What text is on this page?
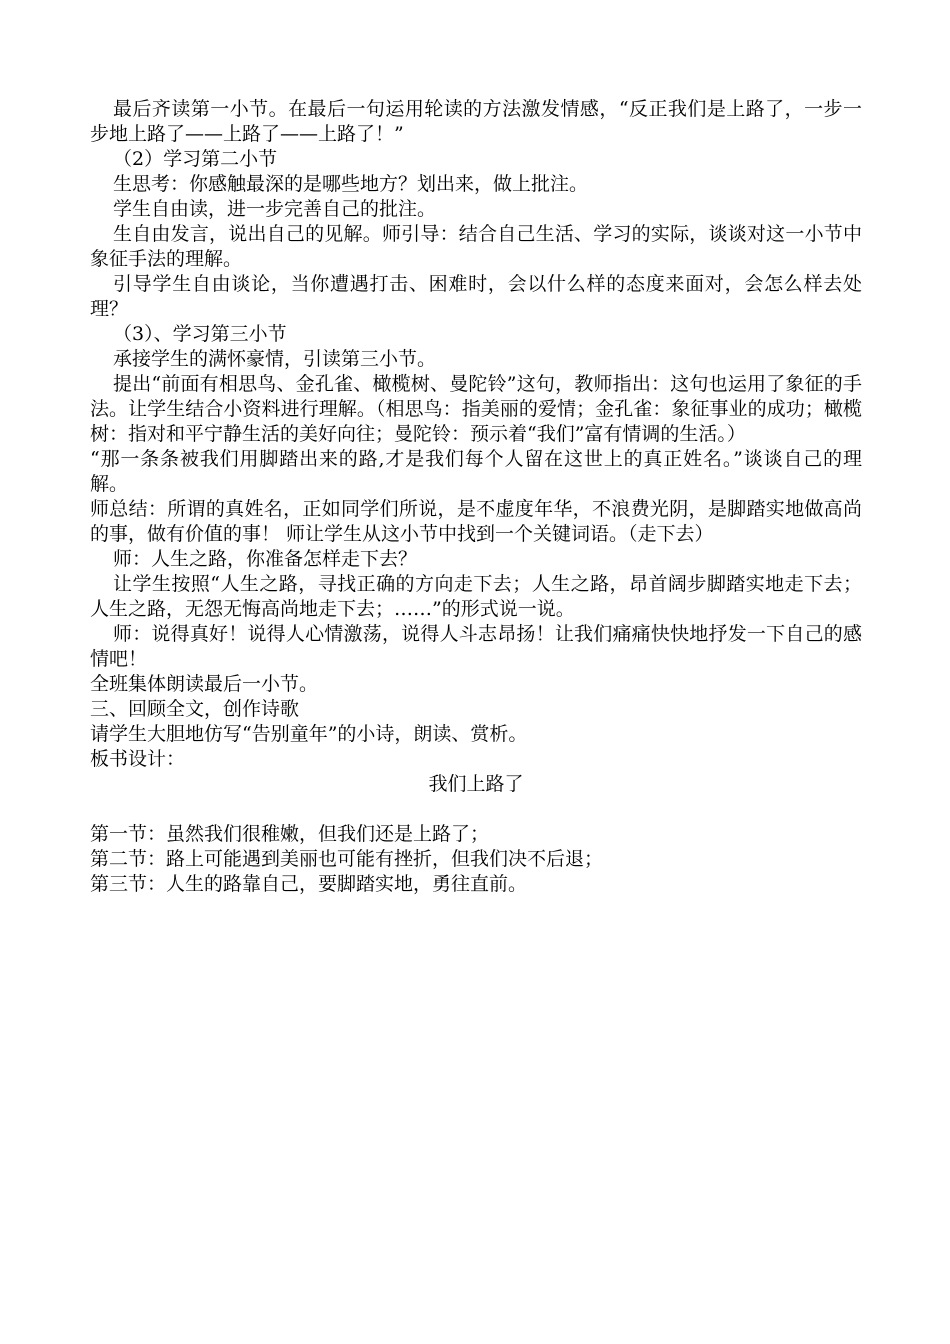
最后齐读第一小节。在最后一句运用轮读的方法激发情感，“反正我们是上路了，一步一步地上路了——上路了——上路了！”

（2）学习第二小节

生思考：你感触最深的是哪些地方？划出来，做上批注。

学生自由读，进一步完善自己的批注。

生自由发言，说出自己的见解。师引导：结合自己生活、学习的实际，谈谈对这一小节中象征手法的理解。

引导学生自由谈论，当你遭遇打击、困难时，会以什么样的态度来面对，会怎么样去处理？

（3）、学习第三小节

承接学生的满怀豪情，引读第三小节。

提出“前面有相思鸟、金孔雀、橄榄树、曼陀铃”这句，教师指出：这句也运用了象征的手法。让学生结合小资料进行理解。（相思鸟：指美丽的爱情；金孔雀：象征事业的成功；橄榄树：指对和平宁静生活的美好向往；曼陀铃：预示着“我们”富有情调的生活。）

“那一条条被我们用脚踏出来的路,才是我们每个人留在这世上的真正姓名。”谈谈自己的理解。

师总结：所谓的真姓名，正如同学们所说，是不虚度年华，不浪费光阴，是脚踏实地做高尚的事，做有价值的事！ 师让学生从这小节中找到一个关键词语。（走下去）

师：人生之路，你准备怎样走下去？

让学生按照“人生之路，寻找正确的方向走下去；人生之路，昂首阔步脚踏实地走下去；人生之路，无怨无悔高尚地走下去；……”的形式说一说。

师：说得真好！说得人心情激荡，说得人斗志昂扬！让我们痛痛快快地抒发一下自己的感情吧！

全班集体朗读最后一小节。

三、回顾全文，创作诗歌

请学生大胆地仿写“告别童年”的小诗，朗读、赏析。

板书设计：

我们上路了

第一节：虽然我们很稚嫩，但我们还是上路了；

第二节：路上可能遇到美丽也可能有挫折，但我们决不后退；

第三节：人生的路靠自己，要脚踏实地，勇往直前。
